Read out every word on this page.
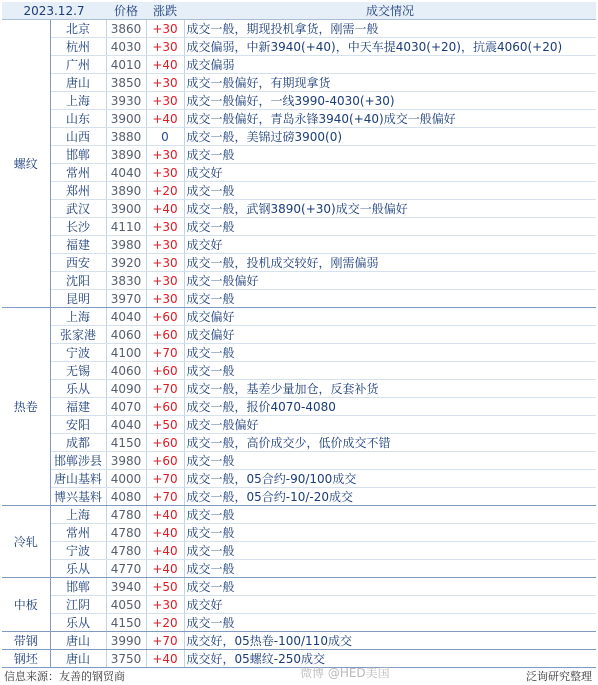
2023.12.7		价格	涨跌	成交情况
螺纹	北京	3860	+30	成交一般，期现投机拿货，刚需一般
	杭州	4030	+30	成交偏弱，中新3940(+40)，中天车提4030(+20)，抗震4060(+20)
	广州	4010	+40	成交偏弱
	唐山	3850	+30	成交一般偏好，有期现拿货
	上海	3930	+30	成交一般偏好，一线3990-4030(+30)
	山东	3900	+40	成交一般偏好，青岛永锋3940(+40)成交一般偏好
	山西	3880	0	成交一般，美锦过磅3900(0)
	邯郸	3890	+30	成交一般
	常州	4040	+30	成交好
	郑州	3890	+20	成交一般
	武汉	3900	+40	成交一般，武钢3890(+30)成交一般偏好
	长沙	4110	+30	成交一般
	福建	3980	+30	成交好
	西安	3920	+30	成交一般，投机成交较好，刚需偏弱
	沈阳	3830	+30	成交一般偏好
	昆明	3970	+30	成交一般
热卷	上海	4040	+60	成交偏好
	张家港	4060	+60	成交偏好
	宁波	4100	+70	成交一般
	无锡	4060	+60	成交一般
	乐从	4090	+70	成交一般，基差少量加仓，反套补货
	福建	4070	+60	成交一般，报价4070-4080
	安阳	4040	+50	成交一般偏好
	成都	4150	+60	成交一般，高价成交少，低价成交不错
	邯郸涉县	3980	+60	成交一般
	唐山基料	4000	+70	成交一般，05合约-90/100成交
	博兴基料	4080	+70	成交一般，05合约-10/-20成交
冷轧	上海	4780	+40	成交一般
	常州	4780	+40	成交一般
	宁波	4780	+40	成交一般
	乐从	4770	+40	成交一般
中板	邯郸	3940	+50	成交一般
	江阴	4050	+30	成交好
	乐从	4150	+20	成交一般
带钢	唐山	3990	+70	成交好，05热卷-100/110成交
钢坯	唐山	3750	+40	成交好，05螺纹-250成交
微博 @HED美国
信息来源：友善的钢贸商	泛询研究整理
